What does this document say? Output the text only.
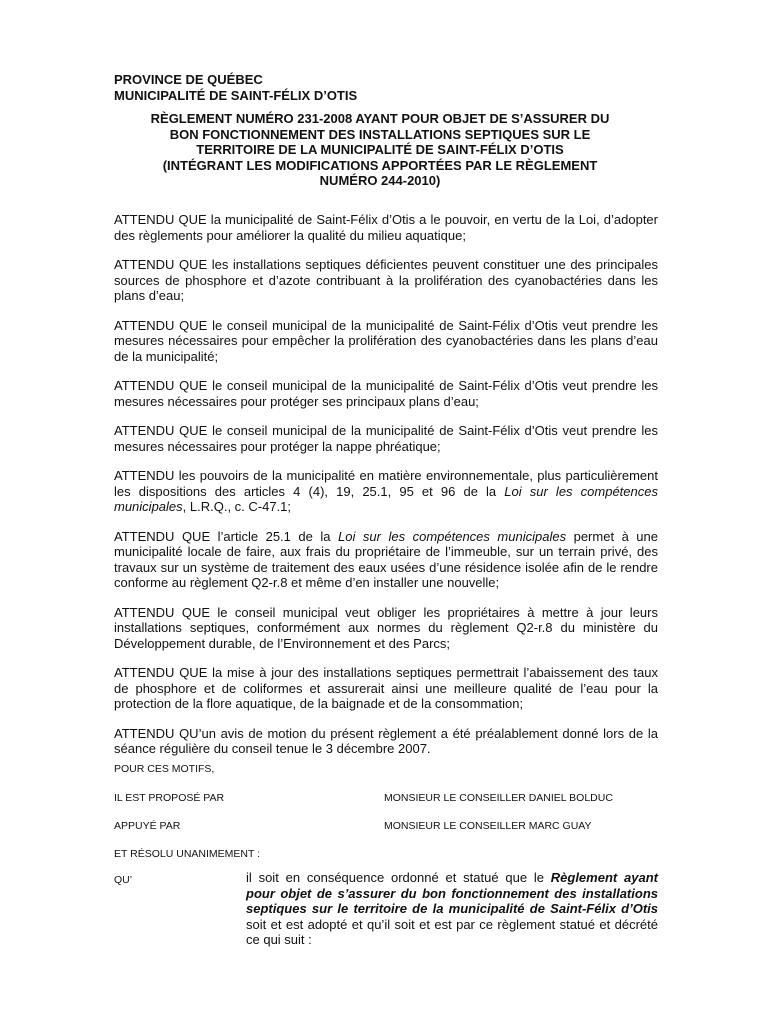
PROVINCE DE QUÉBEC
MUNICIPALITÉ DE SAINT-FÉLIX D’OTIS
RÈGLEMENT NUMÉRO 231-2008 AYANT POUR OBJET DE S’ASSURER DU
BON FONCTIONNEMENT DES INSTALLATIONS SEPTIQUES SUR LE
TERRITOIRE DE LA MUNICIPALITÉ DE SAINT-FÉLIX D’OTIS
(INTÉGRANT LES MODIFICATIONS APPORTÉES PAR LE RÈGLEMENT
NUMÉRO 244-2010)

ATTENDU QUE la municipalité de Saint-Félix d’Otis a le pouvoir, en vertu de la Loi, d’adopter des règlements pour améliorer la qualité du milieu aquatique;

ATTENDU QUE les installations septiques déficientes peuvent constituer une des principales sources de phosphore et d’azote contribuant à la prolifération des cyanobactéries dans les plans d’eau;

ATTENDU QUE le conseil municipal de la municipalité de Saint-Félix d’Otis veut prendre les mesures nécessaires pour empêcher la prolifération des cyanobactéries dans les plans d’eau de la municipalité;

ATTENDU QUE le conseil municipal de la municipalité de Saint-Félix d’Otis veut prendre les mesures nécessaires pour protéger ses principaux plans d’eau;

ATTENDU QUE le conseil municipal de la municipalité de Saint-Félix d’Otis veut prendre les mesures nécessaires pour protéger la nappe phréatique;

ATTENDU les pouvoirs de la municipalité en matière environnementale, plus particulièrement les dispositions des articles 4 (4), 19, 25.1, 95 et 96 de la Loi sur les compétences municipales, L.R.Q., c. C-47.1;

ATTENDU QUE l’article 25.1 de la Loi sur les compétences municipales permet à une municipalité locale de faire, aux frais du propriétaire de l’immeuble, sur un terrain privé, des travaux sur un système de traitement des eaux usées d’une résidence isolée afin de le rendre conforme au règlement Q2-r.8 et même d’en installer une nouvelle;

ATTENDU QUE le conseil municipal veut obliger les propriétaires à mettre à jour leurs installations septiques, conformément aux normes du règlement Q2-r.8 du ministère du Développement durable, de l’Environnement et des Parcs;

ATTENDU QUE la mise à jour des installations septiques permettrait l’abaissement des taux de phosphore et de coliformes et assurerait ainsi une meilleure qualité de l’eau pour la protection de la flore aquatique, de la baignade et de la consommation;

ATTENDU QU’un avis de motion du présent règlement a été préalablement donné lors de la séance régulière du conseil tenue le 3 décembre 2007.

POUR CES MOTIFS,
IL EST PROPOSÉ PAR	MONSIEUR LE CONSEILLER DANIEL BOLDUC
APPUYÉ PAR	MONSIEUR LE CONSEILLER MARC GUAY
ET RÉSOLU UNANIMEMENT :
QU’	il soit en conséquence ordonné et statué que le Règlement ayant pour objet de s’assurer du bon fonctionnement des installations septiques sur le territoire de la municipalité de Saint-Félix d’Otis soit et est adopté et qu’il soit et est par ce règlement statué et décrété ce qui suit :
